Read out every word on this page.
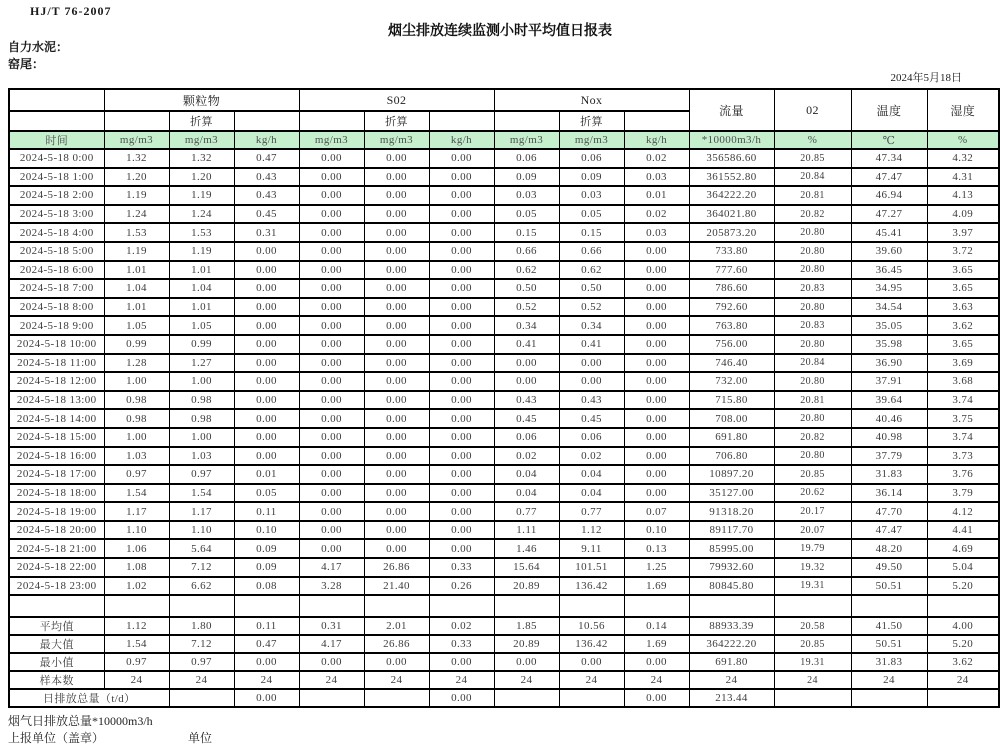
HJ/T 76-2007
烟尘排放连续监测小时平均值日报表
自力水泥：
窑尾：
2024年5月18日
	颗粒物			S02			Nox			流量	02	温度	湿度
		折算			折算			折算					
时间	mg/m3	mg/m3	kg/h	mg/m3	mg/m3	kg/h	mg/m3	mg/m3	kg/h	*10000m3/h	%	℃	%
2024-5-18 0:00	1.32	1.32	0.47	0.00	0.00	0.00	0.06	0.06	0.02	356586.60	20.85	47.34	4.32
2024-5-18 1:00	1.20	1.20	0.43	0.00	0.00	0.00	0.09	0.09	0.03	361552.80	20.84	47.47	4.31
2024-5-18 2:00	1.19	1.19	0.43	0.00	0.00	0.00	0.03	0.03	0.01	364222.20	20.81	46.94	4.13
2024-5-18 3:00	1.24	1.24	0.45	0.00	0.00	0.00	0.05	0.05	0.02	364021.80	20.82	47.27	4.09
2024-5-18 4:00	1.53	1.53	0.31	0.00	0.00	0.00	0.15	0.15	0.03	205873.20	20.80	45.41	3.97
2024-5-18 5:00	1.19	1.19	0.00	0.00	0.00	0.00	0.66	0.66	0.00	733.80	20.80	39.60	3.72
2024-5-18 6:00	1.01	1.01	0.00	0.00	0.00	0.00	0.62	0.62	0.00	777.60	20.80	36.45	3.65
2024-5-18 7:00	1.04	1.04	0.00	0.00	0.00	0.00	0.50	0.50	0.00	786.60	20.83	34.95	3.65
2024-5-18 8:00	1.01	1.01	0.00	0.00	0.00	0.00	0.52	0.52	0.00	792.60	20.80	34.54	3.63
2024-5-18 9:00	1.05	1.05	0.00	0.00	0.00	0.00	0.34	0.34	0.00	763.80	20.83	35.05	3.62
2024-5-18 10:00	0.99	0.99	0.00	0.00	0.00	0.00	0.41	0.41	0.00	756.00	20.80	35.98	3.65
2024-5-18 11:00	1.28	1.27	0.00	0.00	0.00	0.00	0.00	0.00	0.00	746.40	20.84	36.90	3.69
2024-5-18 12:00	1.00	1.00	0.00	0.00	0.00	0.00	0.00	0.00	0.00	732.00	20.80	37.91	3.68
2024-5-18 13:00	0.98	0.98	0.00	0.00	0.00	0.00	0.43	0.43	0.00	715.80	20.81	39.64	3.74
2024-5-18 14:00	0.98	0.98	0.00	0.00	0.00	0.00	0.45	0.45	0.00	708.00	20.80	40.46	3.75
2024-5-18 15:00	1.00	1.00	0.00	0.00	0.00	0.00	0.06	0.06	0.00	691.80	20.82	40.98	3.74
2024-5-18 16:00	1.03	1.03	0.00	0.00	0.00	0.00	0.02	0.02	0.00	706.80	20.80	37.79	3.73
2024-5-18 17:00	0.97	0.97	0.01	0.00	0.00	0.00	0.04	0.04	0.00	10897.20	20.85	31.83	3.76
2024-5-18 18:00	1.54	1.54	0.05	0.00	0.00	0.00	0.04	0.04	0.00	35127.00	20.62	36.14	3.79
2024-5-18 19:00	1.17	1.17	0.11	0.00	0.00	0.00	0.77	0.77	0.07	91318.20	20.17	47.70	4.12
2024-5-18 20:00	1.10	1.10	0.10	0.00	0.00	0.00	1.11	1.12	0.10	89117.70	20.07	47.47	4.41
2024-5-18 21:00	1.06	5.64	0.09	0.00	0.00	0.00	1.46	9.11	0.13	85995.00	19.79	48.20	4.69
2024-5-18 22:00	1.08	7.12	0.09	4.17	26.86	0.33	15.64	101.51	1.25	79932.60	19.32	49.50	5.04
2024-5-18 23:00	1.02	6.62	0.08	3.28	21.40	0.26	20.89	136.42	1.69	80845.80	19.31	50.51	5.20

平均值	1.12	1.80	0.11	0.31	2.01	0.02	1.85	10.56	0.14	88933.39	20.58	41.50	4.00
最大值	1.54	7.12	0.47	4.17	26.86	0.33	20.89	136.42	1.69	364222.20	20.85	50.51	5.20
最小值	0.97	0.97	0.00	0.00	0.00	0.00	0.00	0.00	0.00	691.80	19.31	31.83	3.62
样本数	24	24	24	24	24	24	24	24	24	24	24	24	24
日排放总量（t/d）			0.00			0.00			0.00	213.44			
烟气日排放总量*10000m3/h
上报单位（盖章）	单位
